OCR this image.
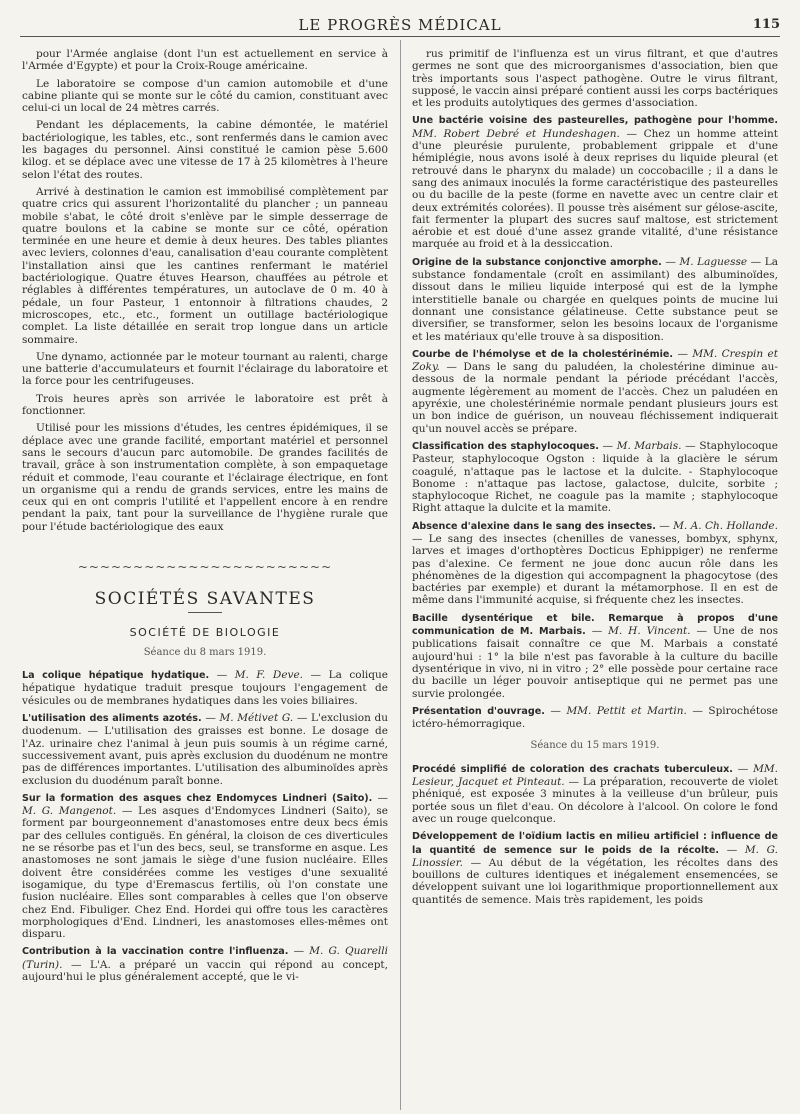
LE PROGRÈS MÉDICAL	115

pour l'Armée anglaise (dont l'un est actuellement en service à l'Armée d'Egypte) et pour la Croix-Rouge américaine.

Le laboratoire se compose d'un camion automobile et d'une cabine pliante qui se monte sur le côté du camion, constituant avec celui-ci un local de 24 mètres carrés.

Pendant les déplacements, la cabine démontée, le matériel bactériologique, les tables, etc., sont renfermés dans le camion avec les bagages du personnel. Ainsi constitué le camion pèse 5.600 kilog. et se déplace avec une vitesse de 17 à 25 kilomètres à l'heure selon l'état des routes.

Arrivé à destination le camion est immobilisé complètement par quatre crics qui assurent l'horizontalité du plancher ; un panneau mobile s'abat, le côté droit s'enlève par le simple desserrage de quatre boulons et la cabine se monte sur ce côté, opération terminée en une heure et demie à deux heures. Des tables pliantes avec leviers, colonnes d'eau, canalisation d'eau courante complètent l'installation ainsi que les cantines renfermant le matériel bactériologique. Quatre étuves Hearson, chauffées au pétrole et réglables à différentes températures, un autoclave de 0 m. 40 à pédale, un four Pasteur, 1 entonnoir à filtrations chaudes, 2 microscopes, etc., etc., forment un outillage bactériologique complet. La liste détaillée en serait trop longue dans un article sommaire.

Une dynamo, actionnée par le moteur tournant au ralenti, charge une batterie d'accumulateurs et fournit l'éclairage du laboratoire et la force pour les centrifugeuses.

Trois heures après son arrivée le laboratoire est prêt à fonctionner.

Utilisé pour les missions d'études, les centres épidémiques, il se déplace avec une grande facilité, emportant matériel et personnel sans le secours d'aucun parc automobile. De grandes facilités de travail, grâce à son instrumentation complète, à son empaquetage réduit et commode, l'eau courante et l'éclairage électrique, en font un organisme qui a rendu de grands services, entre les mains de ceux qui en ont compris l'utilité et l'appellent encore à en rendre pendant la paix, tant pour la surveillance de l'hygiène rurale que pour l'étude bactériologique des eaux

~~~~~~~~~~~~~~~~~~~~~~~
SOCIÉTÉS SAVANTES
SOCIÉTÉ DE BIOLOGIE
Séance du 8 mars 1919.
La colique hépatique hydatique. — M. F. Deve. — La colique hépatique hydatique traduit presque toujours l'engagement de vésicules ou de membranes hydatiques dans les voies biliaires.
L'utilisation des aliments azotés. — M. Métivet G. — L'exclusion du duodenum. — L'utilisation des graisses est bonne. Le dosage de l'Az. urinaire chez l'animal à jeun puis soumis à un régime carné, successivement avant, puis après exclusion du duodénum ne montre pas de différences importantes. L'utilisation des albuminoïdes après exclusion du duodénum paraît bonne.
Sur la formation des asques chez Endomyces Lindneri (Saito). — M. G. Mangenot. — Les asques d'Endomyces Lindneri (Saito), se forment par bourgeonnement d'anastomoses entre deux becs émis par des cellules contiguës. En général, la cloison de ces diverticules ne se résorbe pas et l'un des becs, seul, se transforme en asque. Les anastomoses ne sont jamais le siège d'une fusion nucléaire. Elles doivent être considérées comme les vestiges d'une sexualité isogamique, du type d'Eremascus fertilis, où l'on constate une fusion nucléaire. Elles sont comparables à celles que l'on observe chez End. Fibuliger. Chez End. Hordei qui offre tous les caractères morphologiques d'End. Lindneri, les anastomoses elles-mêmes ont disparu.
Contribution à la vaccination contre l'influenza. — M. G. Quarelli (Turin). — L'A. a préparé un vaccin qui répond au concept, aujourd'hui le plus généralement accepté, que le vi-

rus primitif de l'influenza est un virus filtrant, et que d'autres germes ne sont que des microorganismes d'association, bien que très importants sous l'aspect pathogène. Outre le virus filtrant, supposé, le vaccin ainsi préparé contient aussi les corps bactériques et les produits autolytiques des germes d'association.

Une bactérie voisine des pasteurelles, pathogène pour l'homme. MM. Robert Debré et Hundeshagen. — Chez un homme atteint d'une pleurésie purulente, probablement grippale et d'une hémiplégie, nous avons isolé à deux reprises du liquide pleural (et retrouvé dans le pharynx du malade) un coccobacille ; il a dans le sang des animaux inoculés la forme caractéristique des pasteurelles ou du bacille de la peste (forme en navette avec un centre clair et deux extrémités colorées). Il pousse très aisément sur gélose-ascite, fait fermenter la plupart des sucres sauf maltose, est strictement aérobie et est doué d'une assez grande vitalité, d'une résistance marquée au froid et à la dessiccation.
Origine de la substance conjonctive amorphe. — M. Laguesse — La substance fondamentale (croît en assimilant) des albuminoïdes, dissout dans le milieu liquide interposé qui est de la lymphe interstitielle banale ou chargée en quelques points de mucine lui donnant une consistance gélatineuse. Cette substance peut se diversifier, se transformer, selon les besoins locaux de l'organisme et les matériaux qu'elle trouve à sa disposition.
Courbe de l'hémolyse et de la cholestérinémie. — MM. Crespin et Zoky. — Dans le sang du paludéen, la cholestérine diminue au-dessous de la normale pendant la période précédant l'accès, augmente légèrement au moment de l'accès. Chez un paludéen en apyréxie, une cholestérinémie normale pendant plusieurs jours est un bon indice de guérison, un nouveau fléchissement indiquerait qu'un nouvel accès se prépare.
Classification des staphylocoques. — M. Marbais. — Staphylocoque Pasteur, staphylocoque Ogston : liquide à la glacière le sérum coagulé, n'attaque pas le lactose et la dulcite. - Staphylocoque Bonome : n'attaque pas lactose, galactose, dulcite, sorbite ; staphylocoque Richet, ne coagule pas la mamite ; staphylocoque Right attaque la dulcite et la mamite.
Absence d'alexine dans le sang des insectes. — M. A. Ch. Hollande. — Le sang des insectes (chenilles de vanesses, bombyx, sphynx, larves et images d'orthoptères Docticus Ephippiger) ne renferme pas d'alexine. Ce ferment ne joue donc aucun rôle dans les phénomènes de la digestion qui accompagnent la phagocytose (des bactéries par exemple) et durant la métamorphose. Il en est de même dans l'immunité acquise, si fréquente chez les insectes.
Bacille dysentérique et bile. Remarque à propos d'une communication de M. Marbais. — M. H. Vincent. — Une de nos publications faisait connaître ce que M. Marbais a constaté aujourd'hui : 1° la bile n'est pas favorable à la culture du bacille dysentérique in vivo, ni in vitro ; 2° elle possède pour certaine race du bacille un léger pouvoir antiseptique qui ne permet pas une survie prolongée.
Présentation d'ouvrage. — MM. Pettit et Martin. — Spirochétose ictéro-hémorragique.
Séance du 15 mars 1919.
Procédé simplifié de coloration des crachats tuberculeux. — MM. Lesieur, Jacquet et Pinteaut. — La préparation, recouverte de violet phéniqué, est exposée 3 minutes à la veilleuse d'un brûleur, puis portée sous un filet d'eau. On décolore à l'alcool. On colore le fond avec un rouge quelconque.
Développement de l'oïdium lactis en milieu artificiel : influence de la quantité de semence sur le poids de la récolte. — M. G. Linossier. — Au début de la végétation, les récoltes dans des bouillons de cultures identiques et inégalement ensemencées, se développent suivant une loi logarithmique proportionnellement aux quantités de semence. Mais très rapidement, les poids
